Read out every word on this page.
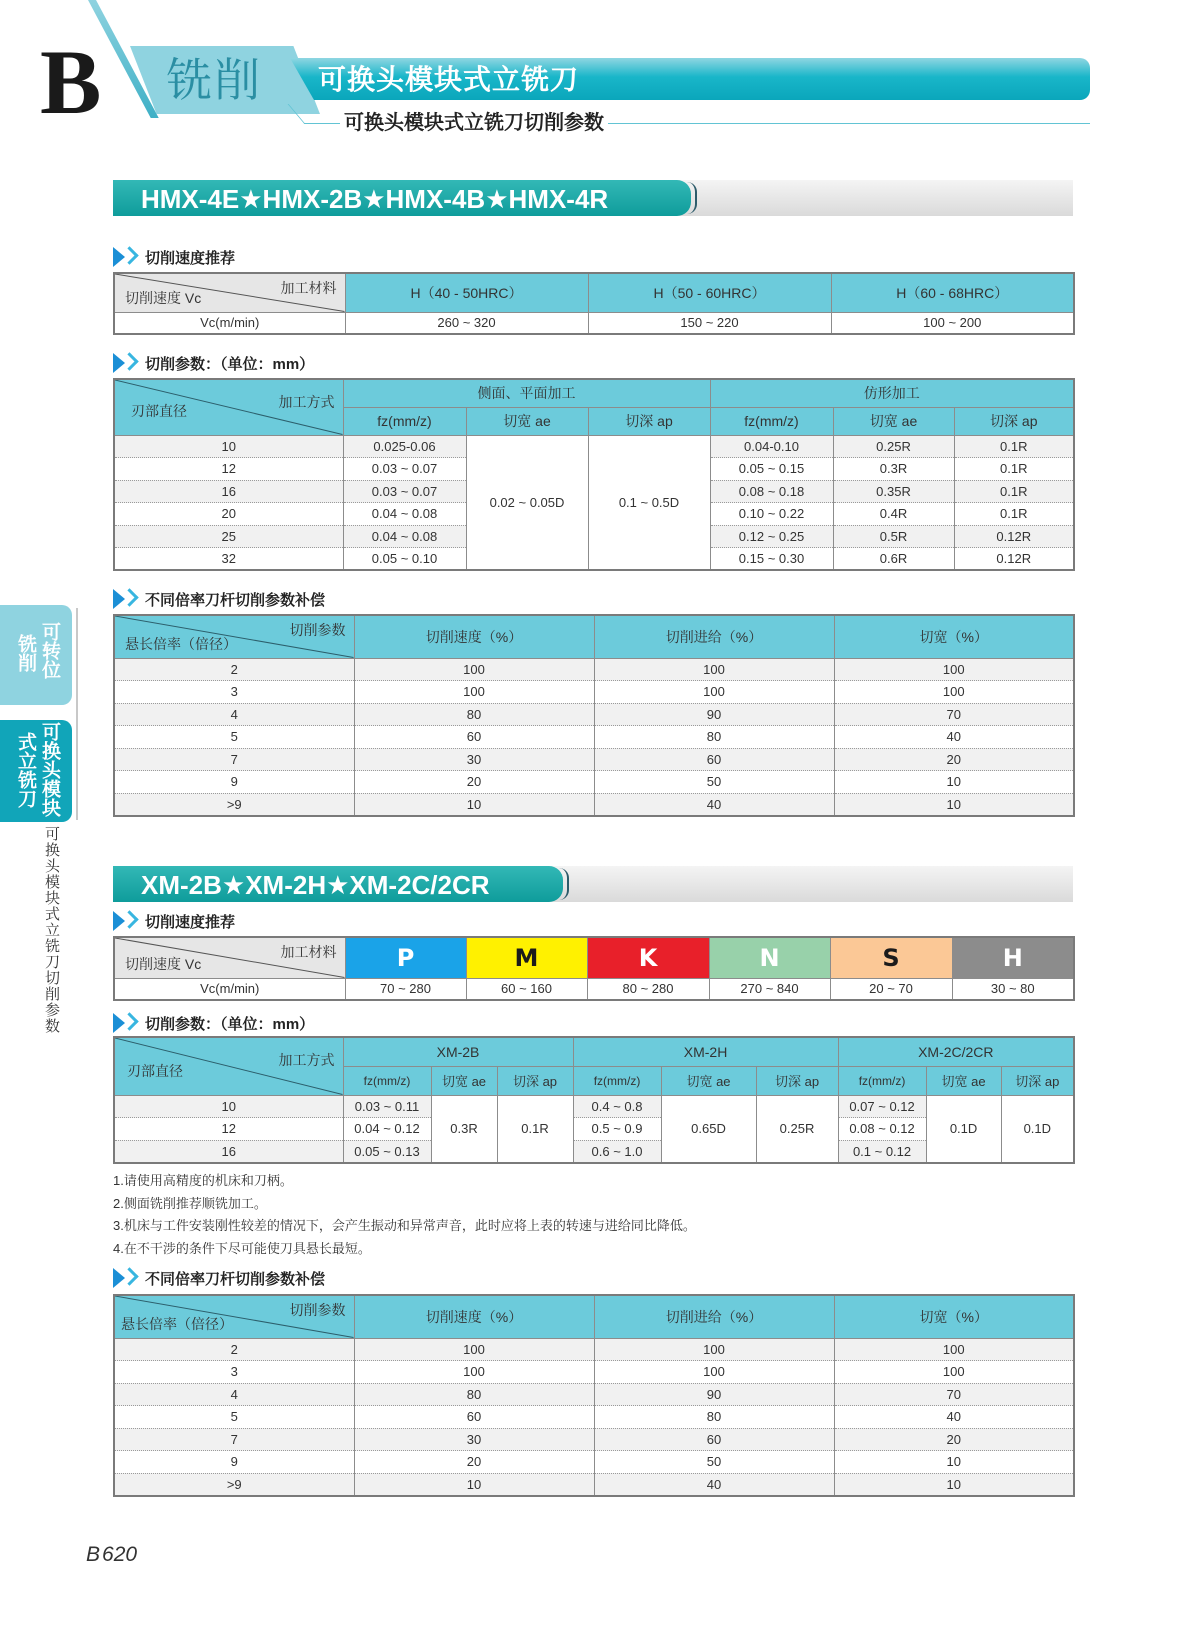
B 铣削 可换头模块式立铣刀
可换头模块式立铣刀切削参数
可转位
铣削
可换头模块
式立铣刀
可换头模块式立铣刀切削参数
HMX-4E★HMX-2B★HMX-4B★HMX-4R
切削速度推荐
加工材料
切削速度 Vc	H（40 - 50HRC）	H（50 - 60HRC）	H（60 - 68HRC）
Vc(m/min)	260 ~ 320	150 ~ 220	100 ~ 200
切削参数：（单位：mm）
加工方式
刃部直径	侧面、平面加工			仿形加工		
	fz(mm/z)	切宽 ae	切深 ap	fz(mm/z)	切宽 ae	切深 ap
10	0.025-0.06	0.02 ~ 0.05D	0.1 ~ 0.5D	0.04-0.10	0.25R	0.1R
12	0.03 ~ 0.07			0.05 ~ 0.15	0.3R	0.1R
16	0.03 ~ 0.07			0.08 ~ 0.18	0.35R	0.1R
20	0.04 ~ 0.08			0.10 ~ 0.22	0.4R	0.1R
25	0.04 ~ 0.08			0.12 ~ 0.25	0.5R	0.12R
32	0.05 ~ 0.10			0.15 ~ 0.30	0.6R	0.12R
不同倍率刀杆切削参数补偿
切削参数
悬长倍率（倍径）	切削速度（%）	切削进给（%）	切宽（%）
2	100	100	100
3	100	100	100
4	80	90	70
5	60	80	40
7	30	60	20
9	20	50	10
>9	10	40	10
XM-2B★XM-2H★XM-2C/2CR
切削速度推荐
加工材料
切削速度 Vc	P	M	K	N	S	H
Vc(m/min)	70 ~ 280	60 ~ 160	80 ~ 280	270 ~ 840	20 ~ 70	30 ~ 80
切削参数：（单位：mm）
加工方式
刃部直径	XM-2B			XM-2H			XM-2C/2CR		
	fz(mm/z)	切宽 ae	切深 ap	fz(mm/z)	切宽 ae	切深 ap	fz(mm/z)	切宽 ae	切深 ap
10	0.03 ~ 0.11	0.3R	0.1R	0.4 ~ 0.8	0.65D	0.25R	0.07 ~ 0.12	0.1D	0.1D
12	0.04 ~ 0.12			0.5 ~ 0.9			0.08 ~ 0.12		
16	0.05 ~ 0.13			0.6 ~ 1.0			0.1 ~ 0.12		
1.请使用高精度的机床和刀柄。
2.侧面铣削推荐顺铣加工。
3.机床与工件安装刚性较差的情况下，会产生振动和异常声音，此时应将上表的转速与进给同比降低。
4.在不干涉的条件下尽可能使刀具悬长最短。
不同倍率刀杆切削参数补偿
切削参数
悬长倍率（倍径）	切削速度（%）	切削进给（%）	切宽（%）
2	100	100	100
3	100	100	100
4	80	90	70
5	60	80	40
7	30	60	20
9	20	50	10
>9	10	40	10
B620
